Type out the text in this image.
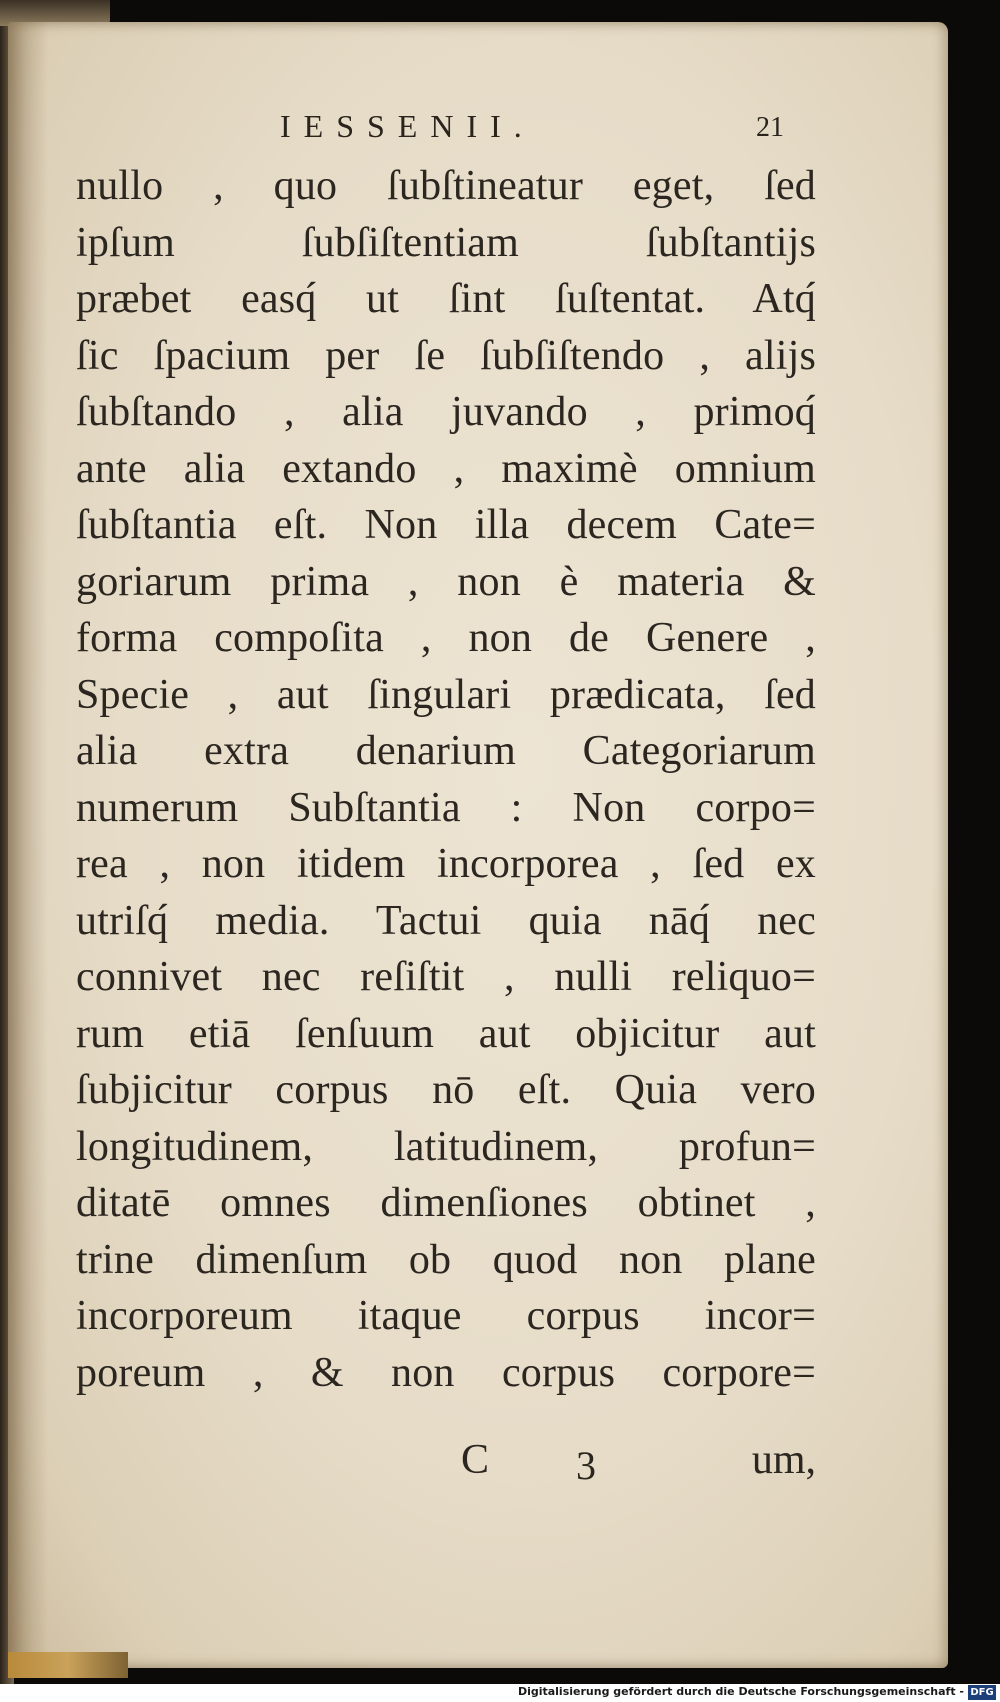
IESSENII.	21
nullo , quo ſubſtineatur eget, ſed
ipſum ſubſiſtentiam ſubſtantijs
præbet easq́ ut ſint ſuſtentat. Atq́
ſic ſpacium per ſe ſubſiſtendo , alijs
ſubſtando , alia juvando , primoq́
ante alia extando , maximè omnium
ſubſtantia eſt. Non illa decem Cate=
goriarum prima , non è materia &
forma compoſita , non de Genere ,
Specie , aut ſingulari prædicata, ſed
alia extra denarium Categoriarum
numerum Subſtantia : Non corpo=
rea , non itidem incorporea , ſed ex
utriſq́ media. Tactui quia nāq́ nec
connivet nec reſiſtit , nulli reliquo=
rum etiā ſenſuum aut objicitur aut
ſubjicitur corpus nō eſt. Quia vero
longitudinem, latitudinem, profun=
ditatē omnes dimenſiones obtinet ,
trine dimenſum ob quod non plane
incorporeum itaque corpus incor=
poreum , & non corpus corpore=
C 3	um,
Digitalisierung gefördert durch die Deutsche Forschungsgemeinschaft - DFG
